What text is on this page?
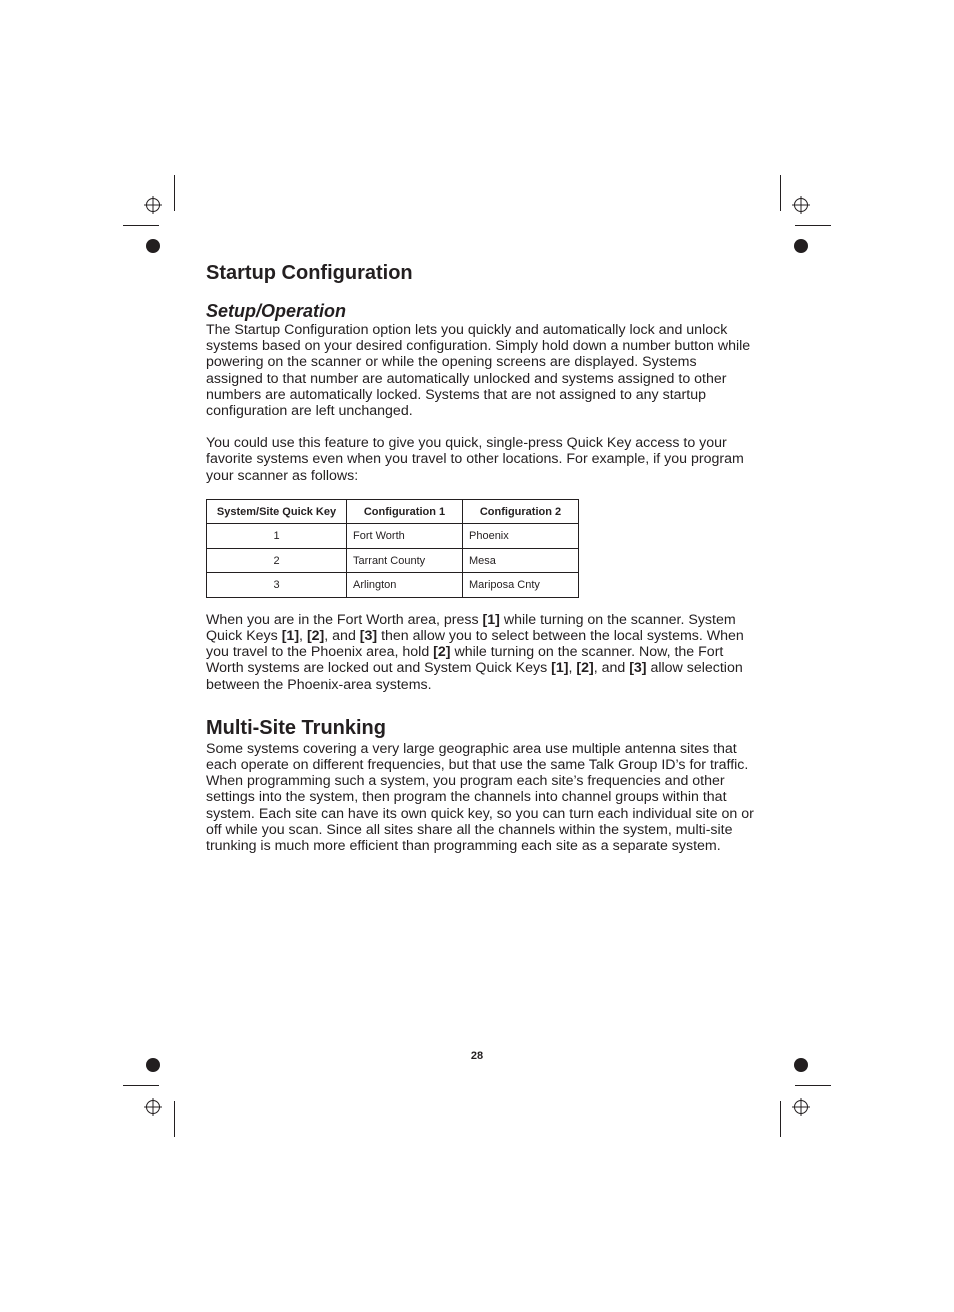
Startup Configuration
Setup/Operation

The Startup Configuration option lets you quickly and automatically lock and unlock systems based on your desired configuration. Simply hold down a number button while powering on the scanner or while the opening screens are displayed. Systems assigned to that number are automatically unlocked and systems assigned to other numbers are automatically locked. Systems that are not assigned to any startup configuration are left unchanged.

You could use this feature to give you quick, single-press Quick Key access to your favorite systems even when you travel to other locations. For example, if you program your scanner as follows:

System/Site Quick Key	Configuration 1	Configuration 2
1	Fort Worth	Phoenix
2	Tarrant County	Mesa
3	Arlington	Mariposa Cnty

When you are in the Fort Worth area, press [1] while turning on the scanner. System Quick Keys [1], [2], and [3] then allow you to select between the local systems. When you travel to the Phoenix area, hold [2] while turning on the scanner. Now, the Fort Worth systems are locked out and System Quick Keys [1], [2], and [3] allow selection between the Phoenix-area systems.

Multi-Site Trunking

Some systems covering a very large geographic area use multiple antenna sites that each operate on different frequencies, but that use the same Talk Group ID’s for traffic. When programming such a system, you program each site’s frequencies and other settings into the system, then program the channels into channel groups within that system. Each site can have its own quick key, so you can turn each individual site on or off while you scan. Since all sites share all the channels within the system, multi-site trunking is much more efficient than programming each site as a separate system.

28
